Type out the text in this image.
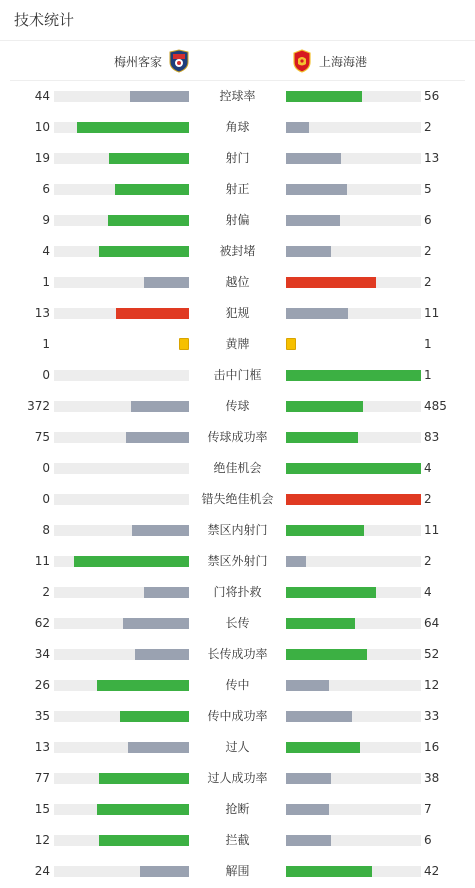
技术统计
梅州客家	上海海港
44	控球率	56
10	角球	2
19	射门	13
6	射正	5
9	射偏	6
4	被封堵	2
1	越位	2
13	犯规	11
1	黄牌	1
0	击中门框	1
372	传球	485
75	传球成功率	83
0	绝佳机会	4
0	错失绝佳机会	2
8	禁区内射门	11
11	禁区外射门	2
2	门将扑救	4
62	长传	64
34	长传成功率	52
26	传中	12
35	传中成功率	33
13	过人	16
77	过人成功率	38
15	抢断	7
12	拦截	6
24	解围	42
